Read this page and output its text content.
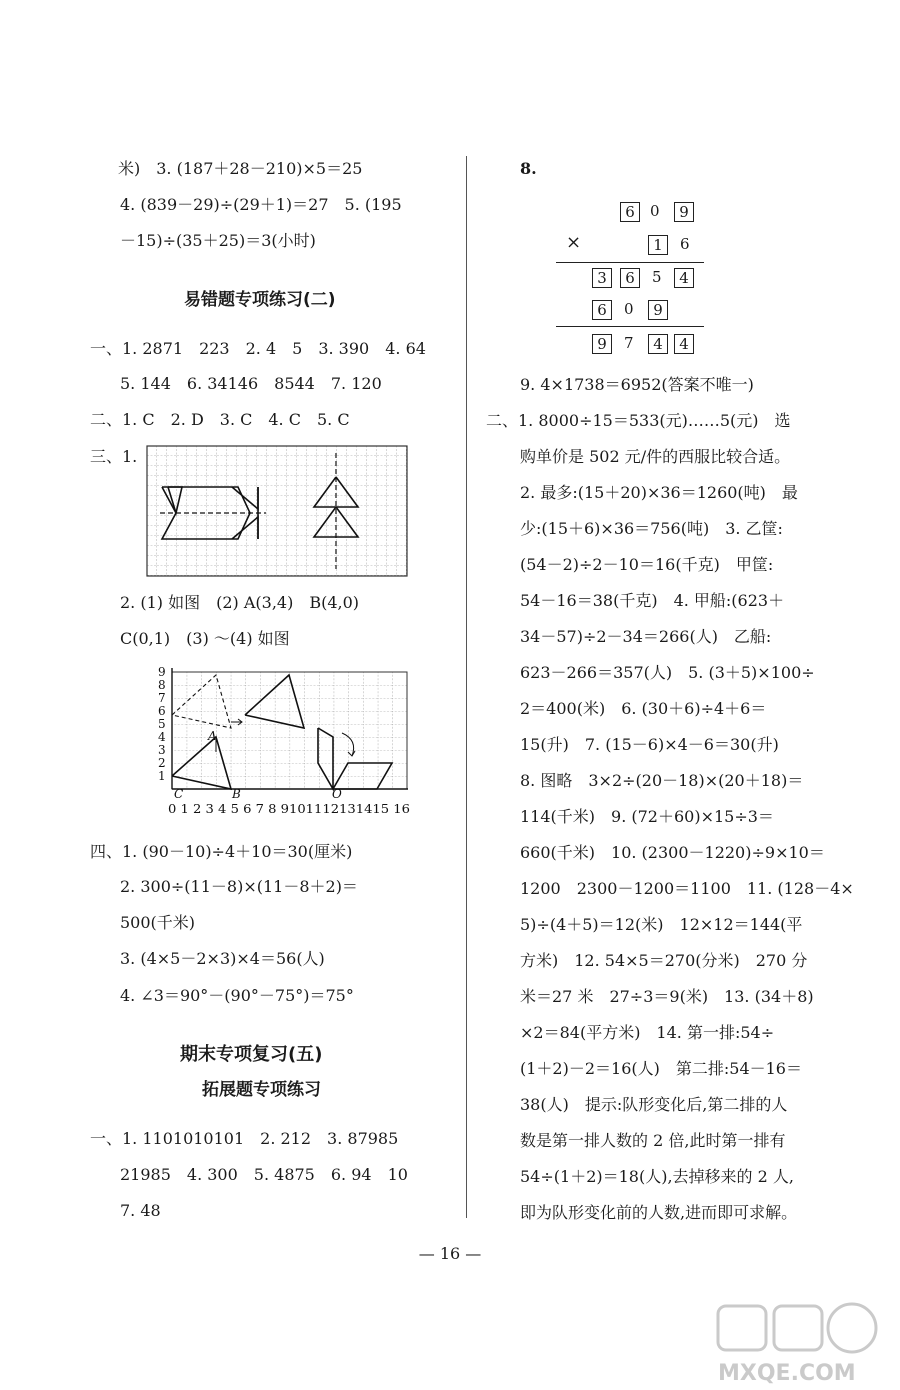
米)　3. (187＋28－210)×5＝25
4. (839－29)÷(29＋1)＝27　5. (195
－15)÷(35＋25)＝3(小时)
易错题专项练习(二)
一、1. 2871　223　2. 4　5　3. 390　4. 64
5. 144　6. 34146　8544　7. 120
二、1. C　2. D　3. C　4. C　5. C
三、1.
2. (1) 如图　(2) A(3,4)　B(4,0)
C(0,1)　(3) ～(4) 如图
9
8
7
6
5
4
3
2
1
0 1 2 3 4 5 6 7 8 9101112131415 16
C	B
A
O
四、1. (90－10)÷4＋10＝30(厘米)
2. 300÷(11－8)×(11－8＋2)＝
500(千米)
3. (4×5－2×3)×4＝56(人)
4. ∠3＝90°－(90°－75°)＝75°
期末专项复习(五)
拓展题专项练习
一、1. 1101010101　2. 212　3. 87985
21985　4. 300　5. 4875　6. 94　10
7. 48
8.
6	0	9
×	1	6
3	6	5	4
6	0	9
9	7	4	4
9. 4×1738＝6952(答案不唯一)
二、1. 8000÷15＝533(元)……5(元)　选
购单价是 502 元/件的西服比较合适。
2. 最多:(15＋20)×36＝1260(吨)　最
少:(15＋6)×36＝756(吨)　3. 乙筐:
(54－2)÷2－10＝16(千克)　甲筐:
54－16＝38(千克)　4. 甲船:(623＋
34－57)÷2－34＝266(人)　乙船:
623－266＝357(人)　5. (3＋5)×100÷
2＝400(米)　6. (30＋6)÷4＋6＝
15(升)　7. (15－6)×4－6＝30(升)
8. 图略　3×2÷(20－18)×(20＋18)＝
114(千米)　9. (72＋60)×15÷3＝
660(千米)　10. (2300－1220)÷9×10＝
1200　2300－1200＝1100　11. (128－4×
5)÷(4＋5)＝12(米)　12×12＝144(平
方米)　12. 54×5＝270(分米)　270 分
米＝27 米　27÷3＝9(米)　13. (34＋8)
×2＝84(平方米)　14. 第一排:54÷
(1＋2)－2＝16(人)　第二排:54－16＝
38(人)　提示:队形变化后,第二排的人
数是第一排人数的 2 倍,此时第一排有
54÷(1＋2)＝18(人),去掉移来的 2 人,
即为队形变化前的人数,进而即可求解。
— 16 —
MXQE.COM
